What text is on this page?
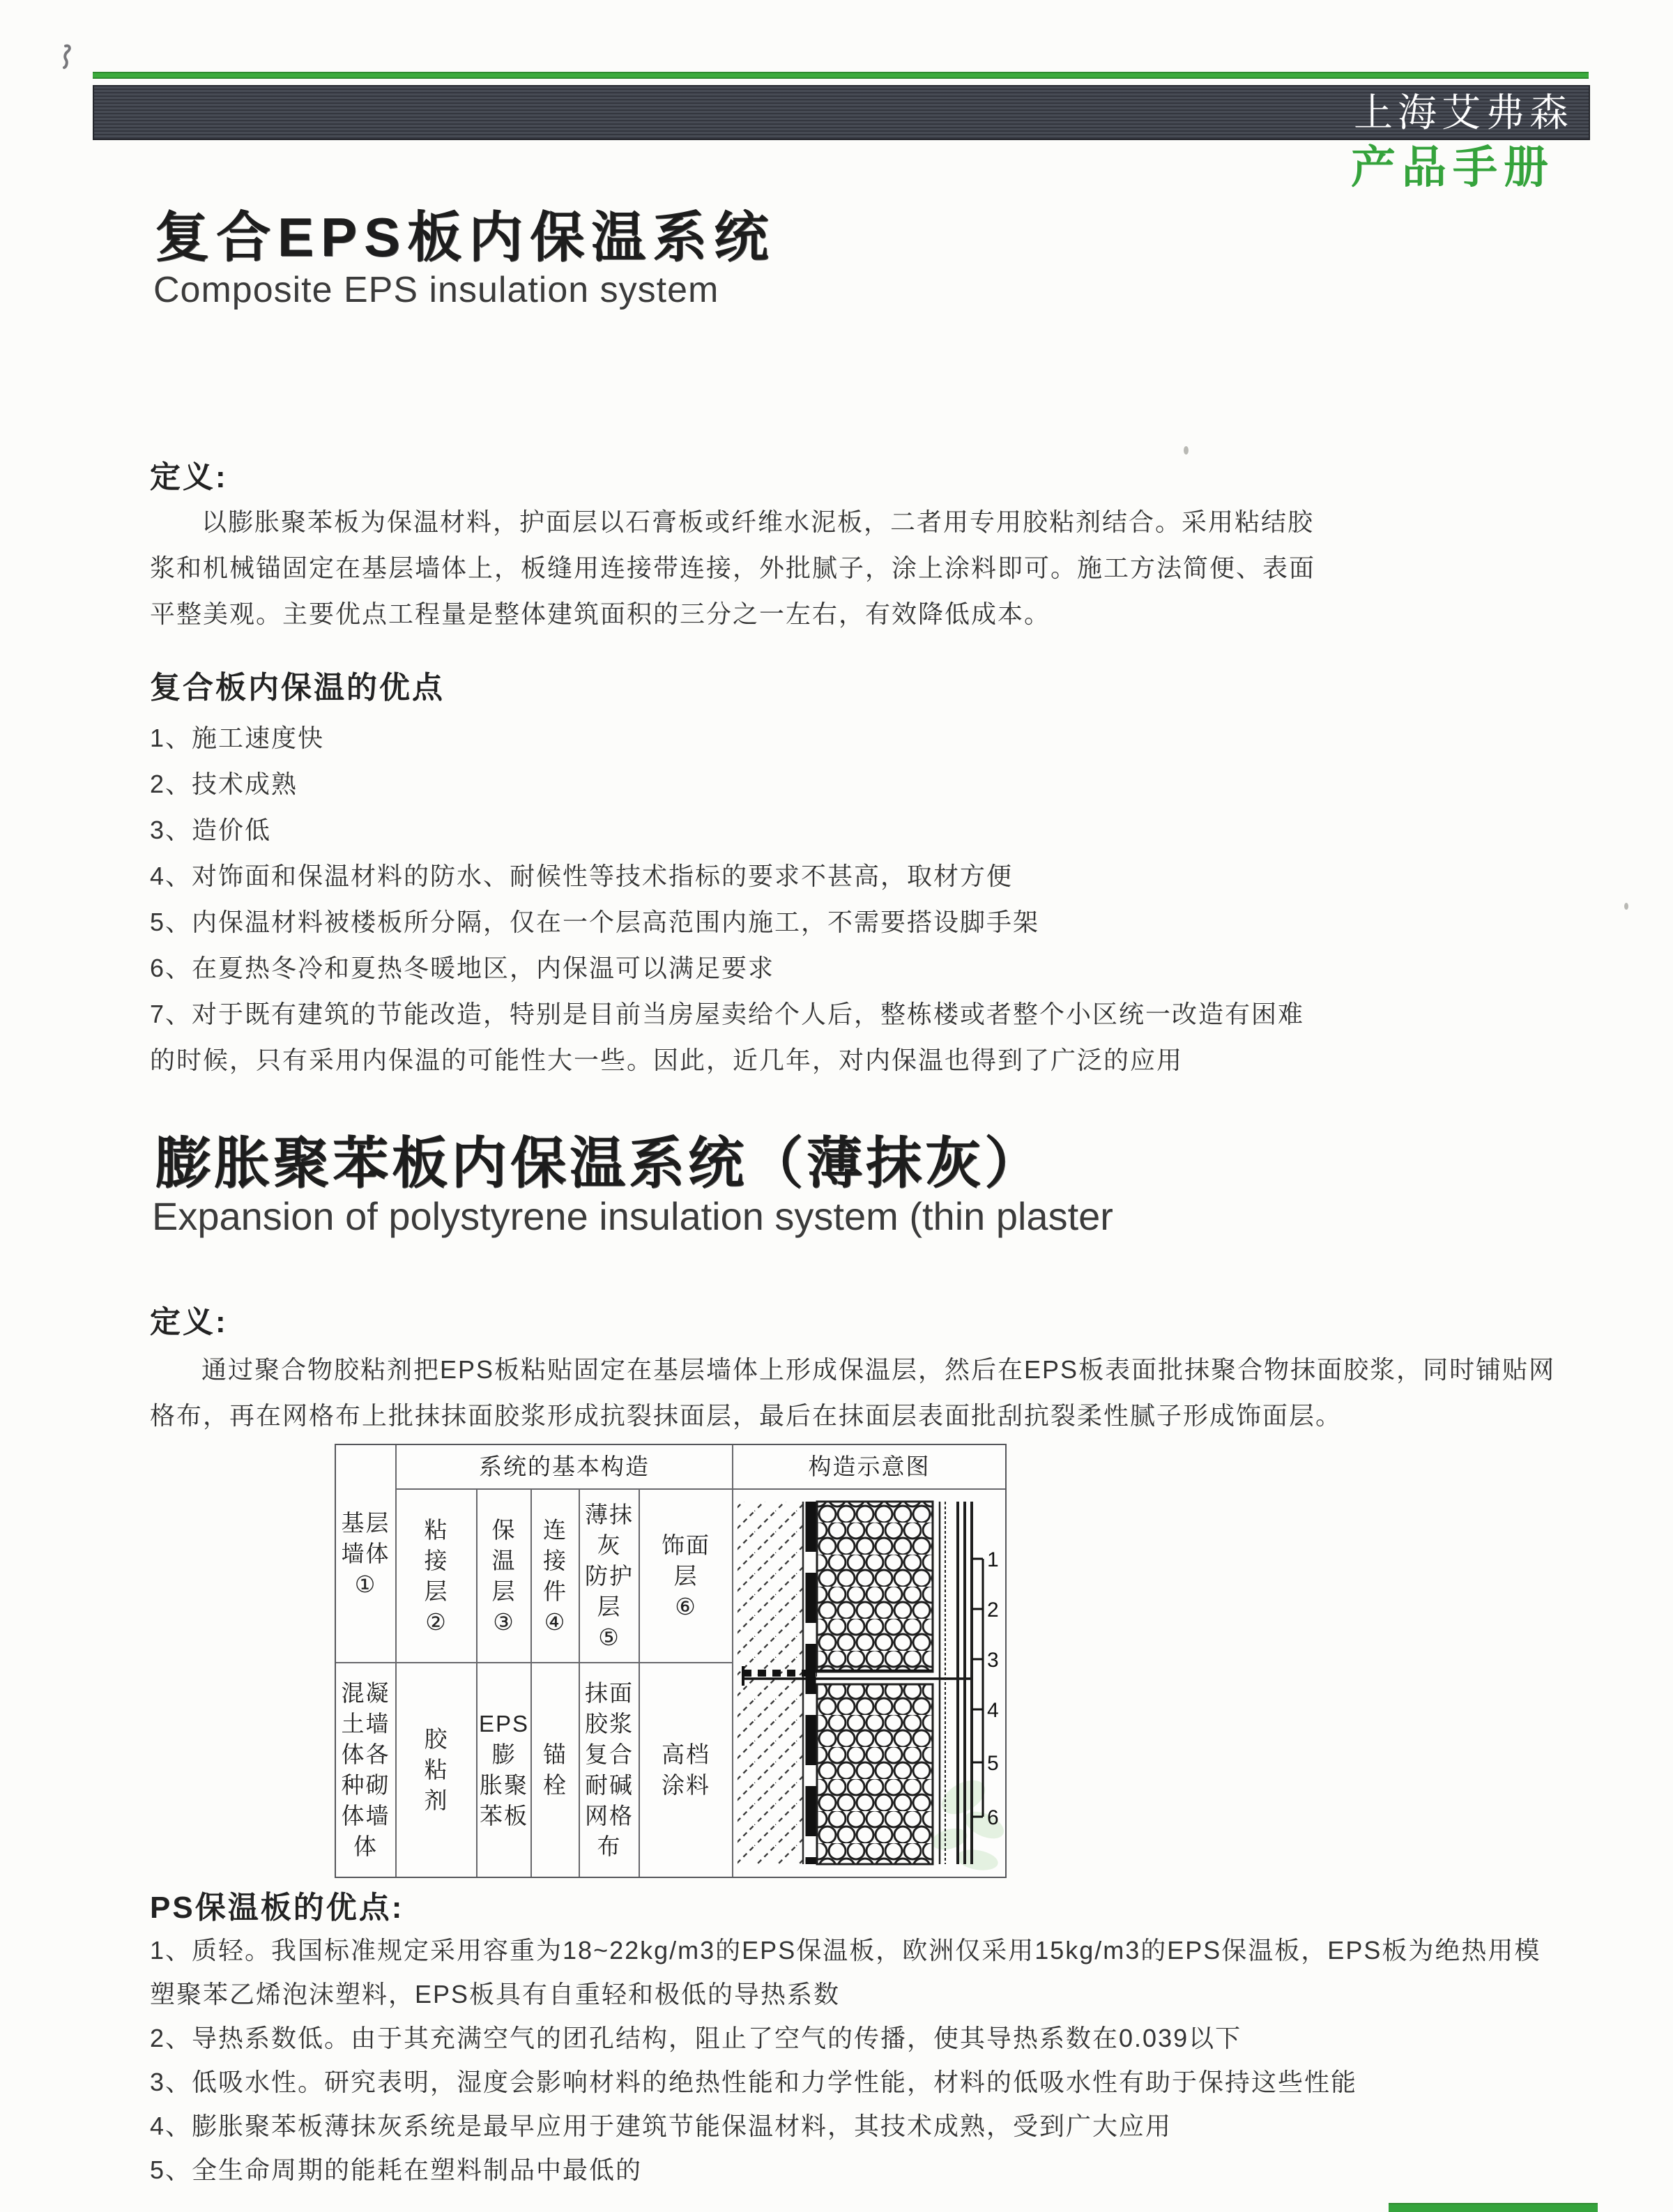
上海艾弗森
产品手册
复合EPS板内保温系统
Composite EPS insulation system
定义:
以膨胀聚苯板为保温材料，护面层以石膏板或纤维水泥板，二者用专用胶粘剂结合。采用粘结胶
浆和机械锚固定在基层墙体上，板缝用连接带连接，外批腻子，涂上涂料即可。施工方法简便、表面
平整美观。主要优点工程量是整体建筑面积的三分之一左右，有效降低成本。
复合板内保温的优点
1、施工速度快
2、技术成熟
3、造价低
4、对饰面和保温材料的防水、耐候性等技术指标的要求不甚高，取材方便
5、内保温材料被楼板所分隔，仅在一个层高范围内施工，不需要搭设脚手架
6、在夏热冬冷和夏热冬暖地区，内保温可以满足要求
7、对于既有建筑的节能改造，特别是目前当房屋卖给个人后，整栋楼或者整个小区统一改造有困难
的时候，只有采用内保温的可能性大一些。因此，近几年，对内保温也得到了广泛的应用
膨胀聚苯板内保温系统（薄抹灰）
Expansion of polystyrene insulation system (thin plaster
定义:
通过聚合物胶粘剂把EPS板粘贴固定在基层墙体上形成保温层，然后在EPS板表面批抹聚合物抹面胶浆，同时铺贴网
格布，再在网格布上批抹抹面胶浆形成抗裂抹面层，最后在抹面层表面批刮抗裂柔性腻子形成饰面层。
基层
墙体
①
系统的基本构造	构造示意图
粘
接
层
②
保
温
层
③
连
接
件
④
薄抹
灰
防护
层
⑤
饰面
层
⑥
混凝
土墙
体各
种砌
体墙
体
胶
粘
剂
EPS
膨
胀聚
苯板
锚栓
抹面
胶浆
复合
耐碱
网格
布
高档
涂料
1
2
3
4
5
6
PS保温板的优点:
1、质轻。我国标准规定采用容重为18~22kg/m3的EPS保温板，欧洲仅采用15kg/m3的EPS保温板，EPS板为绝热用模
塑聚苯乙烯泡沫塑料，EPS板具有自重轻和极低的导热系数
2、导热系数低。由于其充满空气的团孔结构，阻止了空气的传播，使其导热系数在0.039以下
3、低吸水性。研究表明，湿度会影响材料的绝热性能和力学性能，材料的低吸水性有助于保持这些性能
4、膨胀聚苯板薄抹灰系统是最早应用于建筑节能保温材料，其技术成熟，受到广大应用
5、全生命周期的能耗在塑料制品中最低的
